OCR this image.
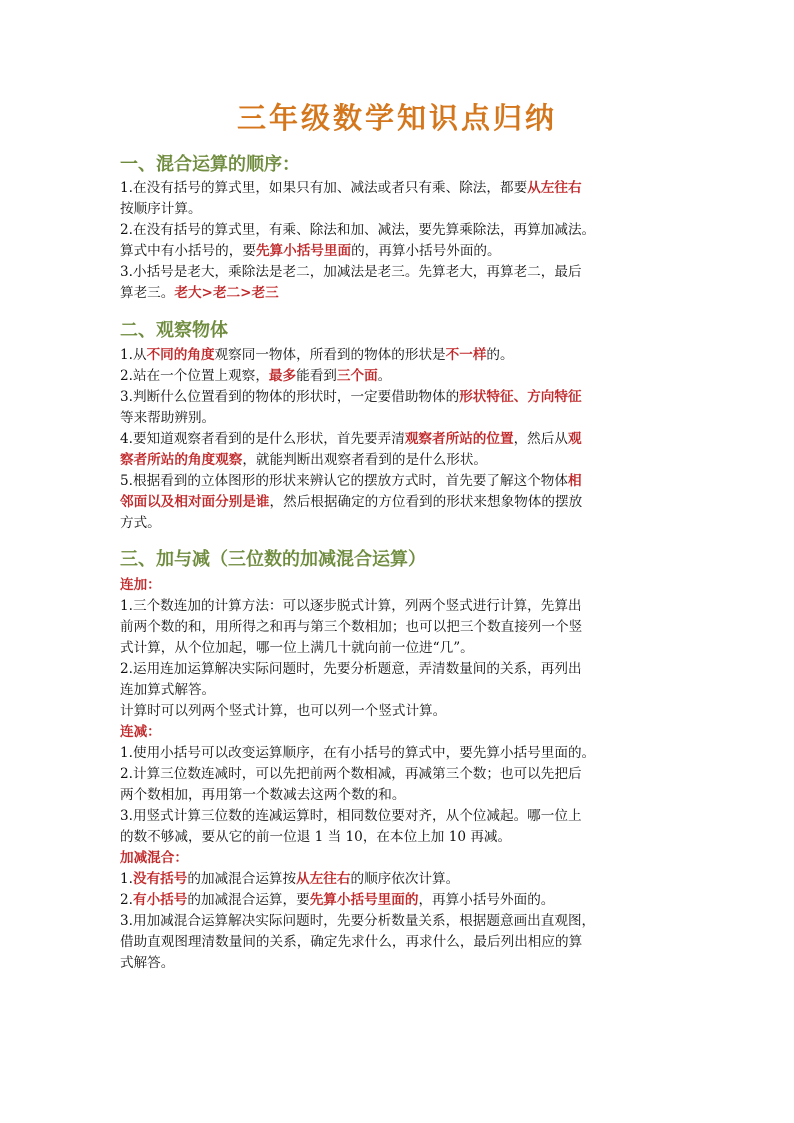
三年级数学知识点归纳
一、混合运算的顺序：
1.在没有括号的算式里，如果只有加、减法或者只有乘、除法，都要从左往右
按顺序计算。
2.在没有括号的算式里，有乘、除法和加、减法，要先算乘除法，再算加减法。
算式中有小括号的，要先算小括号里面的，再算小括号外面的。
3.小括号是老大，乘除法是老二，加减法是老三。先算老大，再算老二，最后
算老三。老大>老二>老三
二、观察物体
1.从不同的角度观察同一物体，所看到的物体的形状是不一样的。
2.站在一个位置上观察，最多能看到三个面。
3.判断什么位置看到的物体的形状时，一定要借助物体的形状特征、方向特征
等来帮助辨别。
4.要知道观察者看到的是什么形状，首先要弄清观察者所站的位置，然后从观
察者所站的角度观察，就能判断出观察者看到的是什么形状。
5.根据看到的立体图形的形状来辨认它的摆放方式时，首先要了解这个物体相
邻面以及相对面分别是谁，然后根据确定的方位看到的形状来想象物体的摆放
方式。
三、加与减（三位数的加减混合运算）
连加：
1.三个数连加的计算方法：可以逐步脱式计算，列两个竖式进行计算，先算出
前两个数的和，用所得之和再与第三个数相加；也可以把三个数直接列一个竖
式计算，从个位加起，哪一位上满几十就向前一位进“几”。
2.运用连加运算解决实际问题时，先要分析题意，弄清数量间的关系，再列出
连加算式解答。
计算时可以列两个竖式计算，也可以列一个竖式计算。
连减：
1.使用小括号可以改变运算顺序，在有小括号的算式中，要先算小括号里面的。
2.计算三位数连减时，可以先把前两个数相减，再减第三个数；也可以先把后
两个数相加，再用第一个数减去这两个数的和。
3.用竖式计算三位数的连减运算时，相同数位要对齐，从个位减起。哪一位上
的数不够减，要从它的前一位退 1 当 10，在本位上加 10 再减。
加减混合：
1.没有括号的加减混合运算按从左往右的顺序依次计算。
2.有小括号的加减混合运算，要先算小括号里面的，再算小括号外面的。
3.用加减混合运算解决实际问题时，先要分析数量关系，根据题意画出直观图，
借助直观图理清数量间的关系，确定先求什么，再求什么，最后列出相应的算
式解答。
